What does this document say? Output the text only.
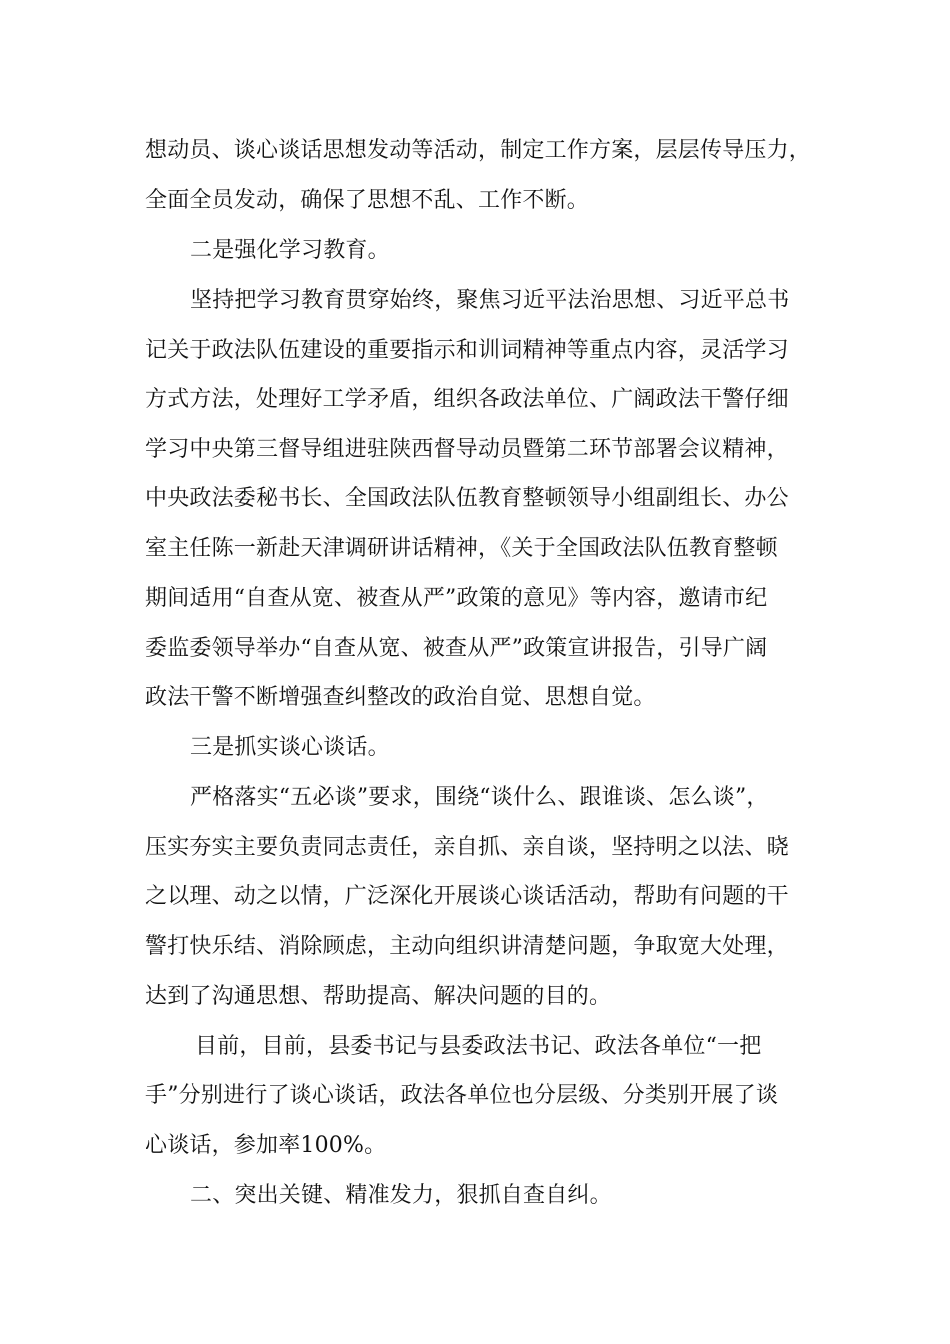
想动员、谈心谈话思想发动等活动，制定工作方案，层层传导压力，
全面全员发动，确保了思想不乱、工作不断。
二是强化学习教育。
坚持把学习教育贯穿始终，聚焦习近平法治思想、习近平总书
记关于政法队伍建设的重要指示和训词精神等重点内容，灵活学习
方式方法，处理好工学矛盾，组织各政法单位、广阔政法干警仔细
学习中央第三督导组进驻陕西督导动员暨第二环节部署会议精神，
中央政法委秘书长、全国政法队伍教育整顿领导小组副组长、办公
室主任陈一新赴天津调研讲话精神，《关于全国政法队伍教育整顿
期间适用“自查从宽、被查从严”政策的意见》等内容，邀请市纪
委监委领导举办“自查从宽、被查从严”政策宣讲报告，引导广阔
政法干警不断增强查纠整改的政治自觉、思想自觉。
三是抓实谈心谈话。
严格落实“五必谈”要求，围绕“谈什么、跟谁谈、怎么谈”，
压实夯实主要负责同志责任，亲自抓、亲自谈，坚持明之以法、晓
之以理、动之以情，广泛深化开展谈心谈话活动，帮助有问题的干
警打快乐结、消除顾虑，主动向组织讲清楚问题，争取宽大处理，
达到了沟通思想、帮助提高、解决问题的目的。
目前，目前，县委书记与县委政法书记、政法各单位“一把
手”分别进行了谈心谈话，政法各单位也分层级、分类别开展了谈
心谈话，参加率100%。
二、突出关键、精准发力，狠抓自查自纠。
